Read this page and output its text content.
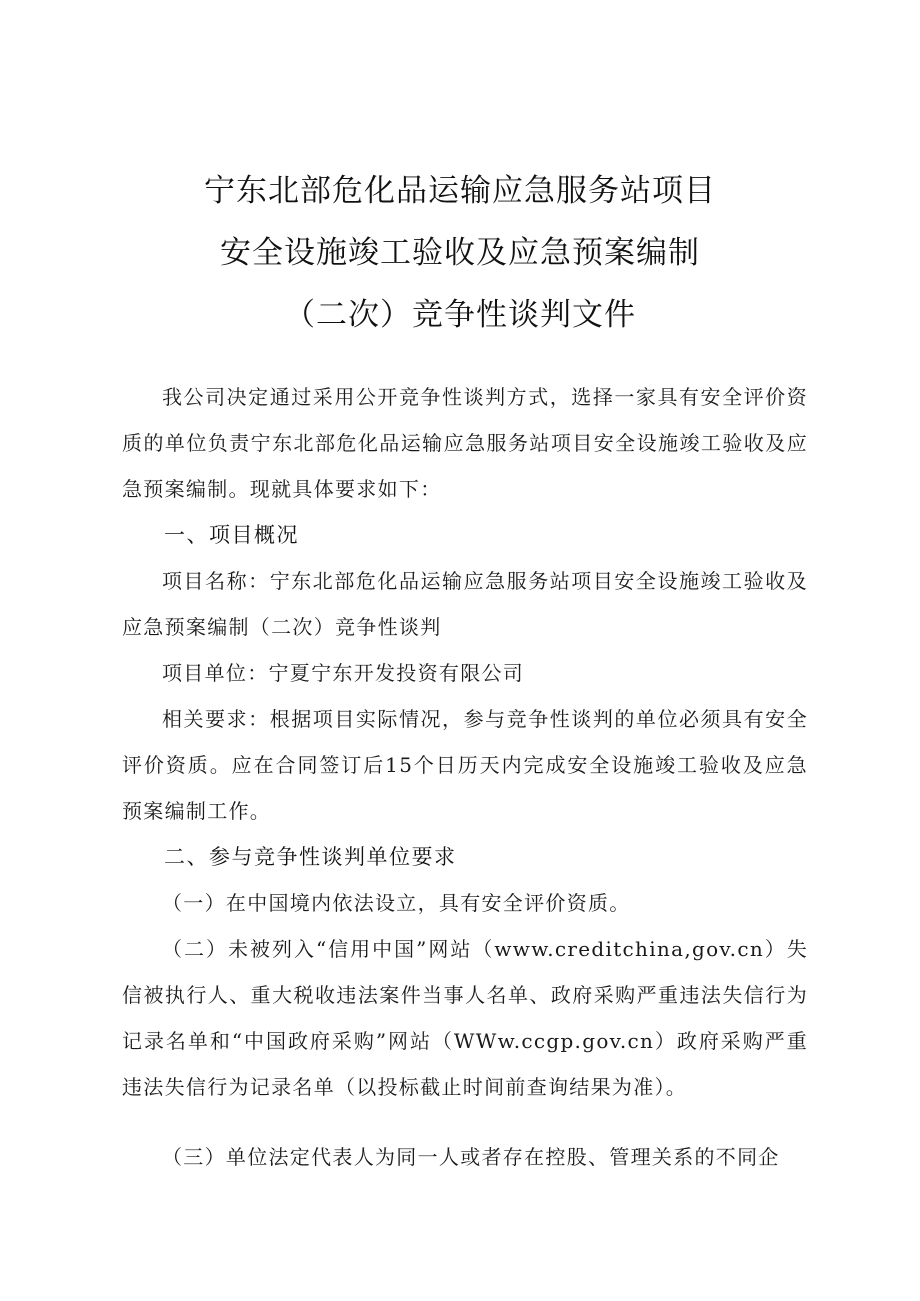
宁东北部危化品运输应急服务站项目
安全设施竣工验收及应急预案编制
（二次）竞争性谈判文件

我公司决定通过采用公开竞争性谈判方式，选择一家具有安全评价资质的单位负责宁东北部危化品运输应急服务站项目安全设施竣工验收及应急预案编制。现就具体要求如下：

一、项目概况

项目名称：宁东北部危化品运输应急服务站项目安全设施竣工验收及应急预案编制（二次）竞争性谈判

项目单位：宁夏宁东开发投资有限公司

相关要求：根据项目实际情况，参与竞争性谈判的单位必须具有安全评价资质。应在合同签订后15个日历天内完成安全设施竣工验收及应急预案编制工作。

二、参与竞争性谈判单位要求

（一）在中国境内依法设立，具有安全评价资质。

（二）未被列入“信用中国”网站（www.creditchina,gov.cn）失信被执行人、重大税收违法案件当事人名单、政府采购严重违法失信行为记录名单和“中国政府采购”网站（WWw.ccgp.gov.cn）政府采购严重违法失信行为记录名单（以投标截止时间前查询结果为准）。

（三）单位法定代表人为同一人或者存在控股、管理关系的不同企
